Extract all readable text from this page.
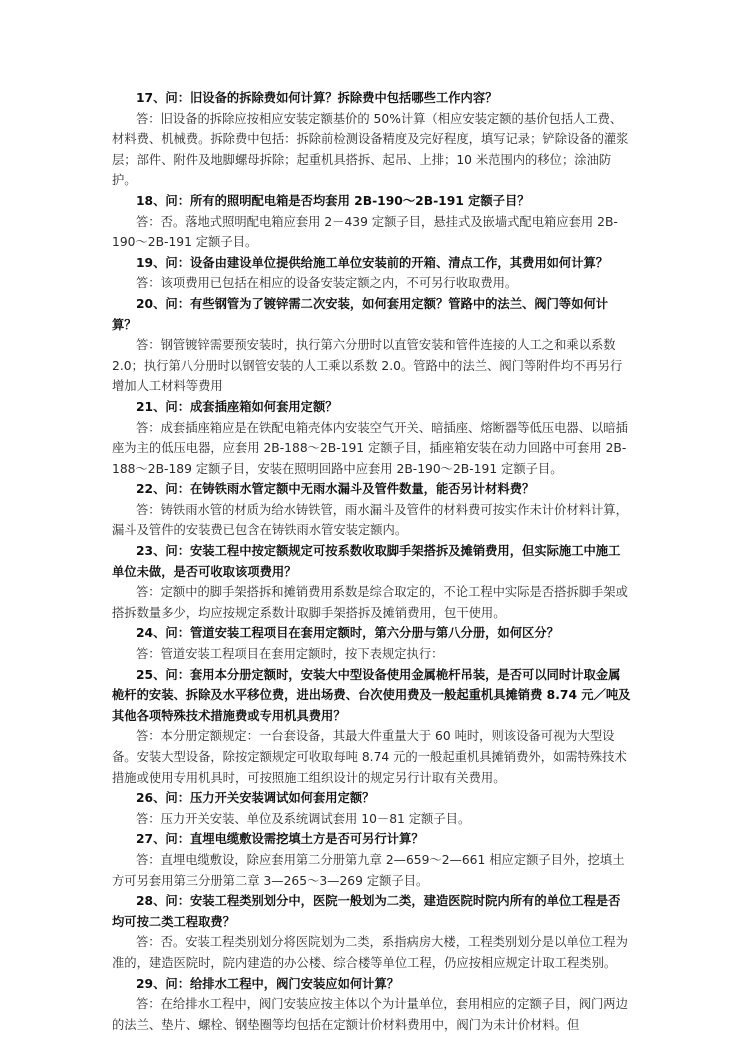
17、问：旧设备的拆除费如何计算？拆除费中包括哪些工作内容？

答：旧设备的拆除应按相应安装定额基价的 50%计算（相应安装定额的基价包括人工费、材料费、机械费。拆除费中包括：拆除前检测设备精度及完好程度，填写记录；铲除设备的灌浆层；部件、附件及地脚螺母拆除；起重机具搭拆、起吊、上排；10 米范围内的移位；涂油防护。

18、问：所有的照明配电箱是否均套用 2B-190～2B-191 定额子目？

答：否。落地式照明配电箱应套用 2－439 定额子目，悬挂式及嵌墙式配电箱应套用 2B-190～2B-191 定额子目。

19、问：设备由建设单位提供给施工单位安装前的开箱、清点工作，其费用如何计算？

答：该项费用已包括在相应的设备安装定额之内，不可另行收取费用。

20、问：有些钢管为了镀锌需二次安装，如何套用定额？管路中的法兰、阀门等如何计算？

答：钢管镀锌需要预安装时，执行第六分册时以直管安装和管件连接的人工之和乘以系数 2.0；执行第八分册时以钢管安装的人工乘以系数 2.0。管路中的法兰、阀门等附件均不再另行增加人工材料等费用

21、问：成套插座箱如何套用定额？

答：成套插座箱应是在铁配电箱壳体内安装空气开关、暗插座、熔断器等低压电器、以暗插座为主的低压电器，应套用 2B-188～2B-191 定额子目，插座箱安装在动力回路中可套用 2B-188～2B-189 定额子目，安装在照明回路中应套用 2B-190～2B-191 定额子目。

22、问：在铸铁雨水管定额中无雨水漏斗及管件数量，能否另计材料费？

答：铸铁雨水管的材质为给水铸铁管，雨水漏斗及管件的材料费可按实作未计价材料计算，漏斗及管件的安装费已包含在铸铁雨水管安装定额内。

23、问：安装工程中按定额规定可按系数收取脚手架搭拆及摊销费用，但实际施工中施工单位未做，是否可收取该项费用？

答：定额中的脚手架搭拆和摊销费用系数是综合取定的，不论工程中实际是否搭拆脚手架或搭拆数量多少，均应按规定系数计取脚手架搭拆及摊销费用，包干使用。

24、问：管道安装工程项目在套用定额时，第六分册与第八分册，如何区分？

答：管道安装工程项目在套用定额时，按下表规定执行：

25、问：套用本分册定额时，安装大中型设备使用金属桅杆吊装，是否可以同时计取金属桅杆的安装、拆除及水平移位费，进出场费、台次使用费及一般起重机具摊销费 8.74 元／吨及其他各项特殊技术措施费或专用机具费用？

答：本分册定额规定：一台套设备，其最大件重量大于 60 吨时，则该设备可视为大型设备。安装大型设备，除按定额规定可收取每吨 8.74 元的一般起重机具摊销费外，如需特殊技术措施或使用专用机具时，可按照施工组织设计的规定另行计取有关费用。

26、问：压力开关安装调试如何套用定额？

答：压力开关安装、单位及系统调试套用 10－81 定额子目。

27、问：直埋电缆敷设需挖填土方是否可另行计算？

答：直埋电缆敷设，除应套用第二分册第九章 2—659～2—661 相应定额子目外，挖填土方可另套用第三分册第二章 3—265～3—269 定额子目。

28、问：安装工程类别划分中，医院一般划为二类，建造医院时院内所有的单位工程是否均可按二类工程取费？

答：否。安装工程类别划分将医院划为二类，系指病房大楼，工程类别划分是以单位工程为准的，建造医院时，院内建造的办公楼、综合楼等单位工程，仍应按相应规定计取工程类别。

29、问：给排水工程中，阀门安装应如何计算？

答：在给排水工程中，阀门安装应按主体以个为计量单位，套用相应的定额子目，阀门两边的法兰、垫片、螺栓、钢垫圈等均包括在定额计价材料费用中，阀门为未计价材料。但
